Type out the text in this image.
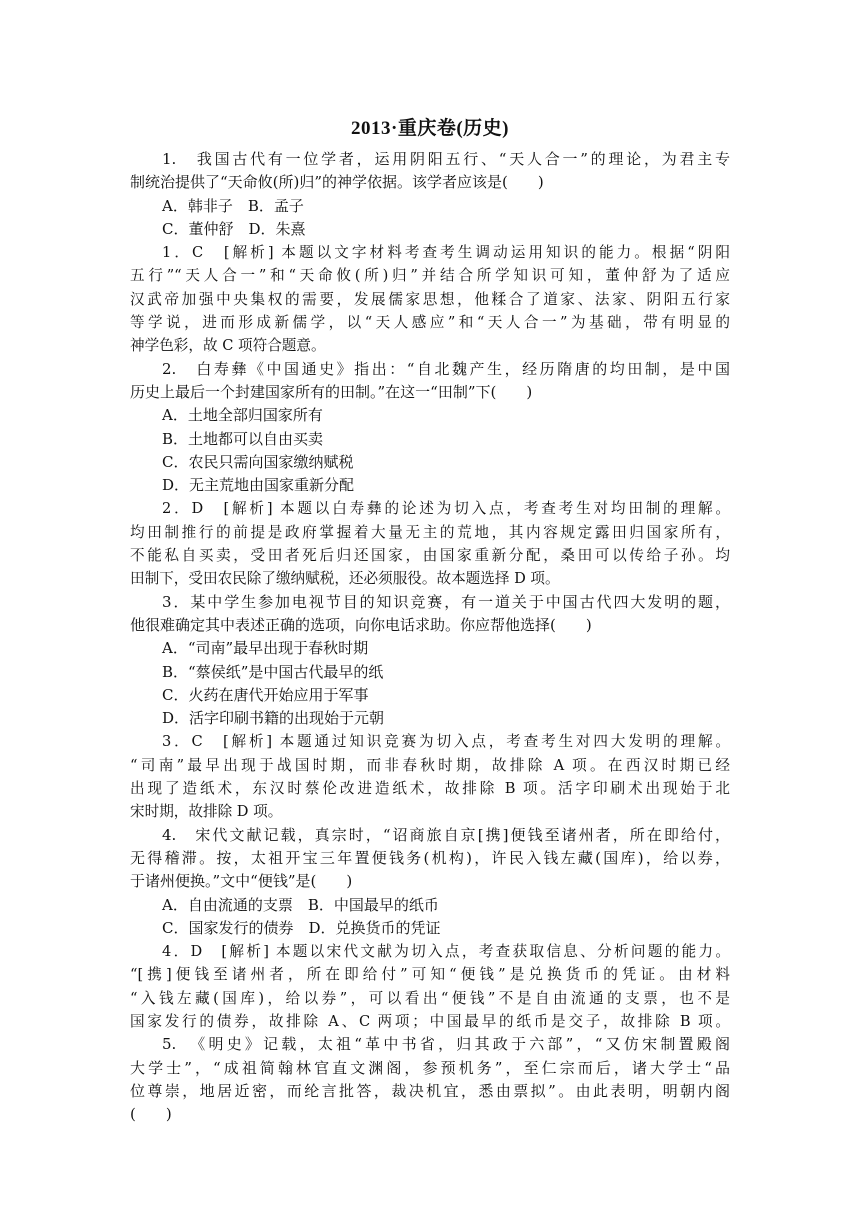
2013·重庆卷(历史)
1.　我国古代有一位学者，运用阴阳五行、“天人合一”的理论，为君主专
制统治提供了“天命攸(所)归”的神学依据。该学者应该是(　　)
A．韩非子　B．孟子
C．董仲舒　D．朱熹
1．C　[解析] 本题以文字材料考查考生调动运用知识的能力。根据“阴阳
五行”“天人合一”和“天命攸(所)归”并结合所学知识可知，董仲舒为了适应
汉武帝加强中央集权的需要，发展儒家思想，他糅合了道家、法家、阴阳五行家
等学说，进而形成新儒学，以“天人感应”和“天人合一”为基础，带有明显的
神学色彩，故 C 项符合题意。
2.　白寿彝《中国通史》指出：“自北魏产生，经历隋唐的均田制，是中国
历史上最后一个封建国家所有的田制。”在这一“田制”下(　　)
A．土地全部归国家所有
B．土地都可以自由买卖
C．农民只需向国家缴纳赋税
D．无主荒地由国家重新分配
2．D　[解析] 本题以白寿彝的论述为切入点，考查考生对均田制的理解。
均田制推行的前提是政府掌握着大量无主的荒地，其内容规定露田归国家所有，
不能私自买卖，受田者死后归还国家，由国家重新分配，桑田可以传给子孙。均
田制下，受田农民除了缴纳赋税，还必须服役。故本题选择 D 项。
3．某中学生参加电视节目的知识竞赛，有一道关于中国古代四大发明的题，
他很难确定其中表述正确的选项，向你电话求助。你应帮他选择(　　)
A．“司南”最早出现于春秋时期
B．“蔡侯纸”是中国古代最早的纸
C．火药在唐代开始应用于军事
D．活字印刷书籍的出现始于元朝
3．C　[解析] 本题通过知识竞赛为切入点，考查考生对四大发明的理解。
“司南”最早出现于战国时期，而非春秋时期，故排除 A 项。在西汉时期已经
出现了造纸术，东汉时蔡伦改进造纸术，故排除 B 项。活字印刷术出现始于北
宋时期，故排除 D 项。
4.　宋代文献记载，真宗时，“诏商旅自京[携]便钱至诸州者，所在即给付，
无得稽滞。按，太祖开宝三年置便钱务(机构)，许民入钱左藏(国库)，给以券，
于诸州便换。”文中“便钱”是(　　)
A．自由流通的支票　B．中国最早的纸币
C．国家发行的债券　D．兑换货币的凭证
4．D　[解析] 本题以宋代文献为切入点，考查获取信息、分析问题的能力。
“[携]便钱至诸州者，所在即给付”可知“便钱”是兑换货币的凭证。由材料
“入钱左藏(国库)，给以券”，可以看出“便钱”不是自由流通的支票，也不是
国家发行的债券，故排除 A、C 两项；中国最早的纸币是交子，故排除 B 项。
5.　《明史》记载，太祖“革中书省，归其政于六部”，“又仿宋制置殿阁
大学士”，“成祖简翰林官直文渊阁，参预机务”，至仁宗而后，诸大学士“品
位尊崇，地居近密，而纶言批答，裁决机宜，悉由票拟”。由此表明，明朝内阁
(　　)
